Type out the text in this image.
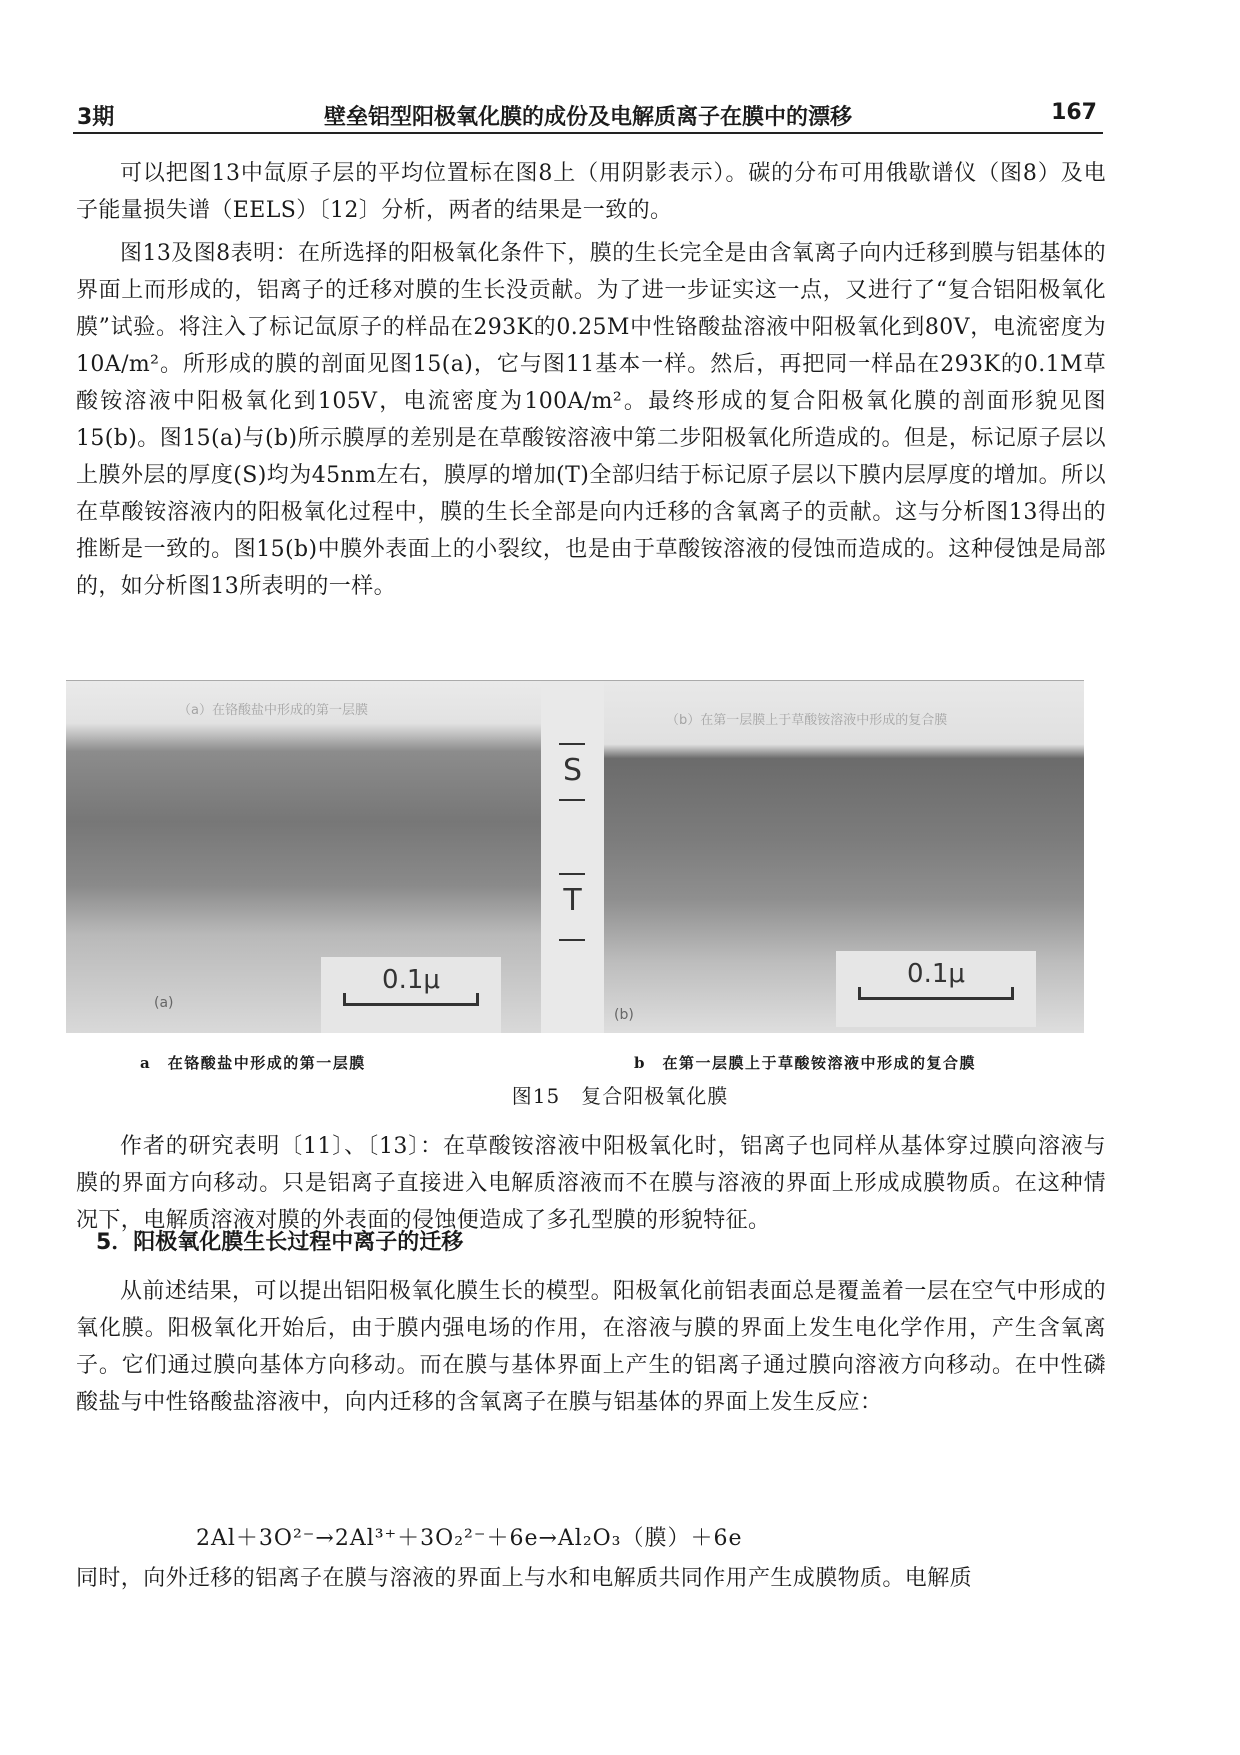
3期	壁垒铝型阳极氧化膜的成份及电解质离子在膜中的漂移	167

可以把图13中氙原子层的平均位置标在图8上（用阴影表示）。碳的分布可用俄歇谱仪（图8）及电子能量损失谱（EELS）〔12〕分析，两者的结果是一致的。

图13及图8表明：在所选择的阳极氧化条件下，膜的生长完全是由含氧离子向内迁移到膜与铝基体的界面上而形成的，铝离子的迁移对膜的生长没贡献。为了进一步证实这一点，又进行了“复合铝阳极氧化膜”试验。将注入了标记氙原子的样品在293K的0.25M中性铬酸盐溶液中阳极氧化到80V，电流密度为10A/m²。所形成的膜的剖面见图15(a)，它与图11基本一样。然后，再把同一样品在293K的0.1M草酸铵溶液中阳极氧化到105V，电流密度为100A/m²。最终形成的复合阳极氧化膜的剖面形貌见图15(b)。图15(a)与(b)所示膜厚的差别是在草酸铵溶液中第二步阳极氧化所造成的。但是，标记原子层以上膜外层的厚度(S)均为45nm左右，膜厚的增加(T)全部归结于标记原子层以下膜内层厚度的增加。所以在草酸铵溶液内的阳极氧化过程中，膜的生长全部是向内迁移的含氧离子的贡献。这与分析图13得出的推断是一致的。图15(b)中膜外表面上的小裂纹，也是由于草酸铵溶液的侵蚀而造成的。这种侵蚀是局部的，如分析图13所表明的一样。

（a）在铬酸盐中形成的第一层膜
(a)
0.1μ
S
T
（b）在第一层膜上于草酸铵溶液中形成的复合膜
(b)
0.1μ
a　在铬酸盐中形成的第一层膜	b　在第一层膜上于草酸铵溶液中形成的复合膜
图15　复合阳极氧化膜

作者的研究表明〔11〕、〔13〕：在草酸铵溶液中阳极氧化时，铝离子也同样从基体穿过膜向溶液与膜的界面方向移动。只是铝离子直接进入电解质溶液而不在膜与溶液的界面上形成成膜物质。在这种情况下，电解质溶液对膜的外表面的侵蚀便造成了多孔型膜的形貌特征。

5．阳极氧化膜生长过程中离子的迁移

从前述结果，可以提出铝阳极氧化膜生长的模型。阳极氧化前铝表面总是覆盖着一层在空气中形成的氧化膜。阳极氧化开始后，由于膜内强电场的作用，在溶液与膜的界面上发生电化学作用，产生含氧离子。它们通过膜向基体方向移动。而在膜与基体界面上产生的铝离子通过膜向溶液方向移动。在中性磷酸盐与中性铬酸盐溶液中，向内迁移的含氧离子在膜与铝基体的界面上发生反应：

2Al＋3O²⁻→2Al³⁺＋3O₂²⁻＋6e→Al₂O₃（膜）＋6e

同时，向外迁移的铝离子在膜与溶液的界面上与水和电解质共同作用产生成膜物质。电解质
